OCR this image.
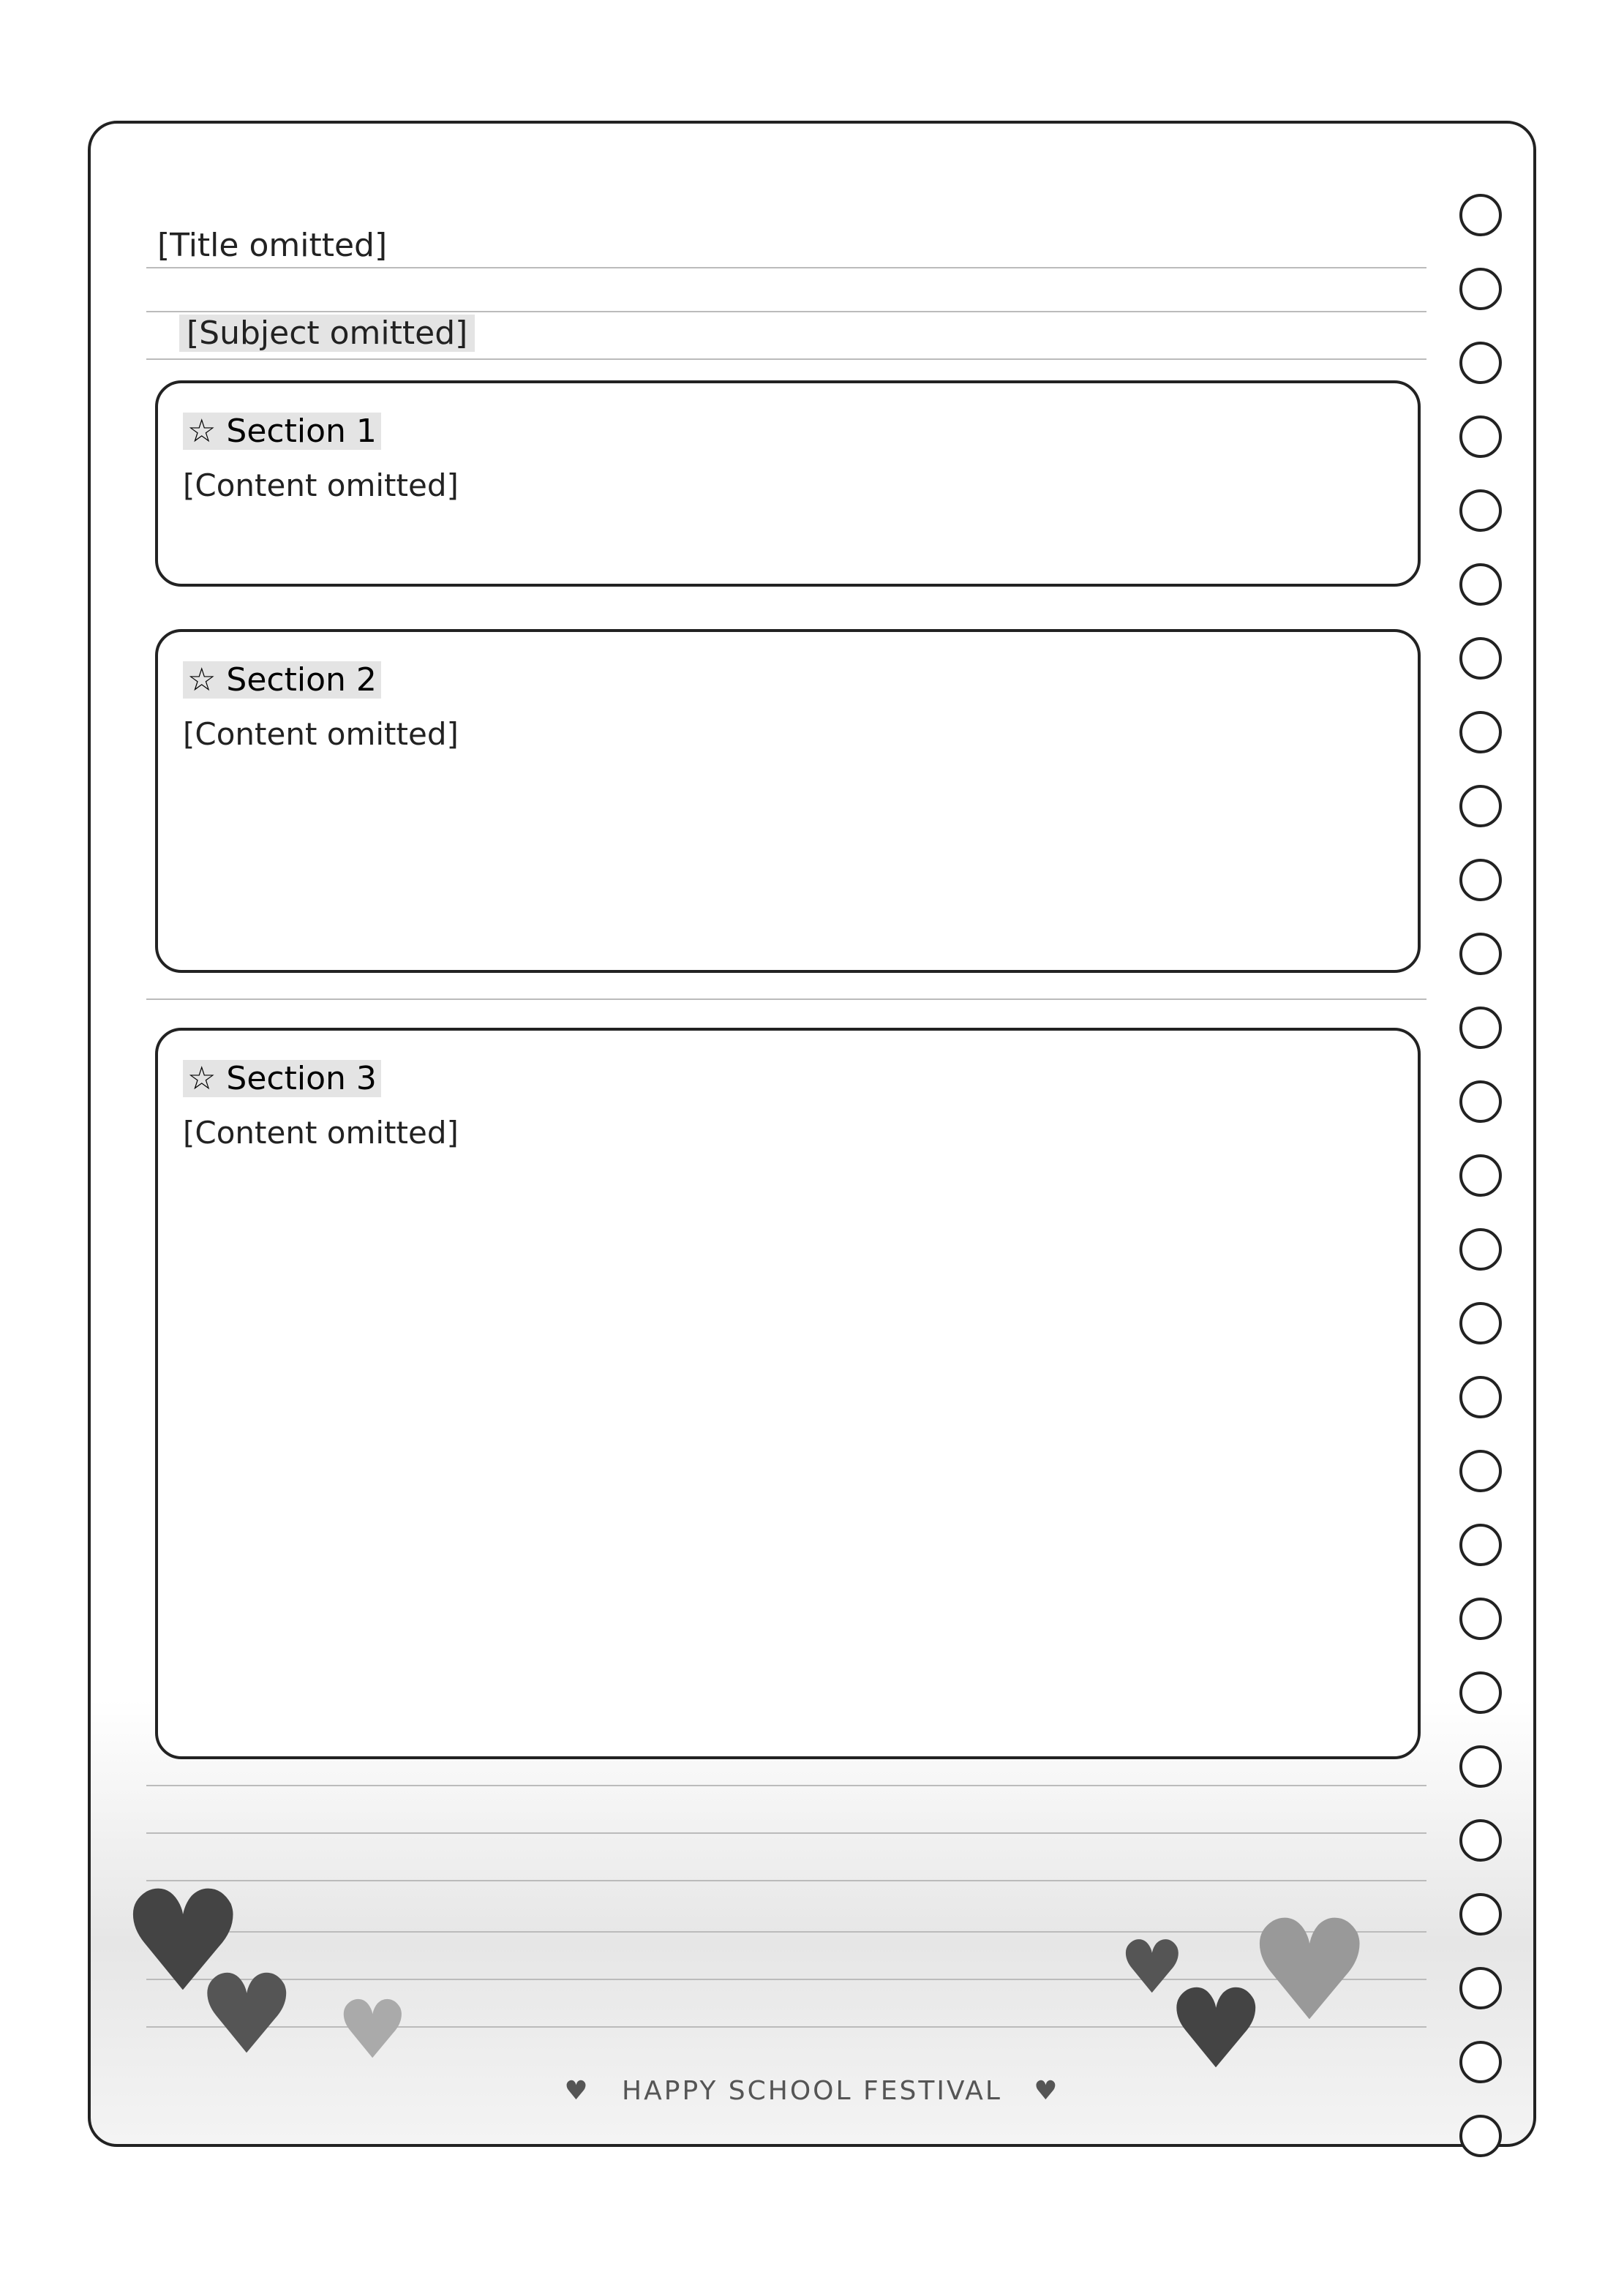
[Title omitted]
[Subject omitted]
☆ Section 1

[Content omitted]

☆ Section 2

[Content omitted]

☆ Section 3

[Content omitted]

♥
♥ ♥
♥
♥
♥
♥ HAPPY SCHOOL FESTIVAL ♥
